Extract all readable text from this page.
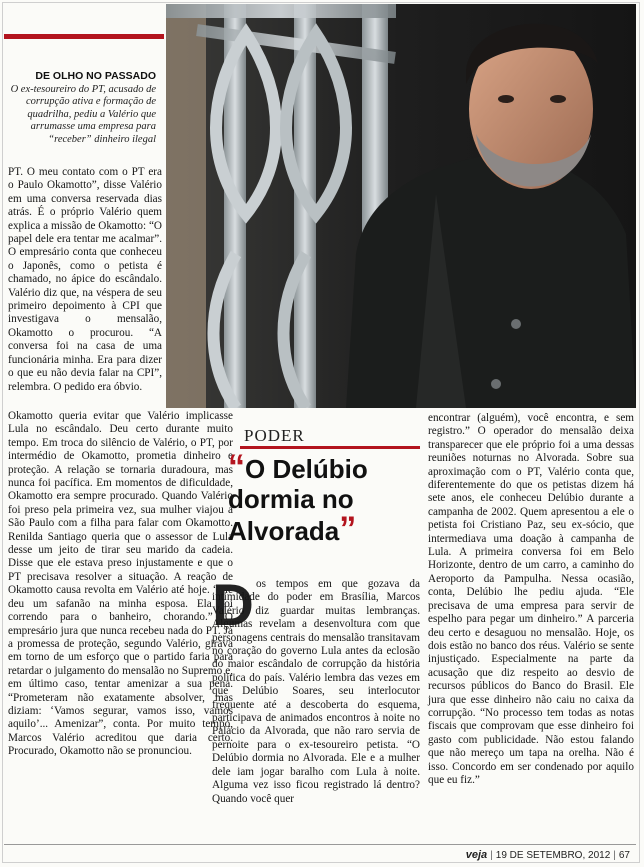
DE OLHO NO PASSADO
O ex-tesoureiro do PT, acusado de corrupção ativa e formação de quadrilha, pediu a Valério que arrumasse uma empresa para “receber” dinheiro ilegal

PT. O meu contato com o PT era o Paulo Okamotto”, disse Valério em uma conversa reservada dias atrás. É o próprio Valério quem explica a missão de Okamotto: “O papel dele era tentar me acalmar”. O empresário conta que conheceu o Japonês, como o petista é chamado, no ápice do escândalo. Valério diz que, na véspera de seu primeiro depoimento à CPI que investigava o mensalão, Okamotto o procurou. “A conversa foi na casa de uma funcionária minha. Era para dizer o que eu não devia falar na CPI”, relembra. O pedido era óbvio.

Okamotto queria evitar que Valério implicasse Lula no escândalo. Deu certo durante muito tempo. Em troca do silêncio de Valério, o PT, por intermédio de Okamotto, prometia dinheiro e proteção. A relação se tornaria duradoura, mas nunca foi pacífica. Em momentos de dificuldade, Okamotto era sempre procurado. Quando Valério foi preso pela primeira vez, sua mulher viajou a São Paulo com a filha para falar com Okamotto. Renilda Santiago queria que o assessor de Lula desse um jeito de tirar seu marido da cadeia. Disse que ele estava preso injustamente e que o PT precisava resolver a situação. A reação de Okamotto causa revolta em Valério até hoje. “Ele deu um safanão na minha esposa. Ela foi correndo para o banheiro, chorando.” O empresário jura que nunca recebeu nada do PT. Já a promessa de proteção, segundo Valério, girava em torno de um esforço que o partido faria para retardar o julgamento do mensalão no Supremo e, em último caso, tentar amenizar a sua pena. “Prometeram não exatamente absolver, mas diziam: ‘Vamos segurar, vamos isso, vamos aquilo’... Amenizar”, conta. Por muito tempo, Marcos Valério acreditou que daria certo. Procurado, Okamotto não se pronunciou.

PODER
“O Delúbio dormia no Alvorada”
D os tempos em que gozava da intimidade do poder em Brasília, Marcos Valério diz guardar muitas lembranças. Algumas revelam a desenvoltura com que personagens centrais do mensalão transitavam no coração do governo Lula antes da eclosão do maior escândalo de corrupção da história política do país. Valério lembra das vezes em que Delúbio Soares, seu interlocutor frequente até a descoberta do esquema, participava de animados encontros à noite no Palácio da Alvorada, que não raro servia de pernoite para o ex-tesoureiro petista. “O Delúbio dormia no Alvorada. Ele e a mulher dele iam jogar baralho com Lula à noite. Alguma vez isso ficou registrado lá dentro? Quando você quer

encontrar (alguém), você encontra, e sem registro.” O operador do mensalão deixa transparecer que ele próprio foi a uma dessas reuniões noturnas no Alvorada. Sobre sua aproximação com o PT, Valério conta que, diferentemente do que os petistas dizem há sete anos, ele conheceu Delúbio durante a campanha de 2002. Quem apresentou a ele o petista foi Cristiano Paz, seu ex-sócio, que intermediava uma doação à campanha de Lula. A primeira conversa foi em Belo Horizonte, dentro de um carro, a caminho do Aeroporto da Pampulha. Nessa ocasião, conta, Delúbio lhe pediu ajuda. “Ele precisava de uma empresa para servir de espelho para pegar um dinheiro.” A parceria deu certo e desaguou no mensalão. Hoje, os dois estão no banco dos réus. Valério se sente injustiçado. Especialmente na parte da acusação que diz respeito ao desvio de recursos públicos do Banco do Brasil. Ele jura que esse dinheiro não caiu no caixa da corrupção. “No processo tem todas as notas fiscais que comprovam que esse dinheiro foi gasto com publicidade. Não estou falando que não mereço um tapa na orelha. Não é isso. Concordo em ser condenado por aquilo que eu fiz.”

veja | 19 DE SETEMBRO, 2012 | 67
